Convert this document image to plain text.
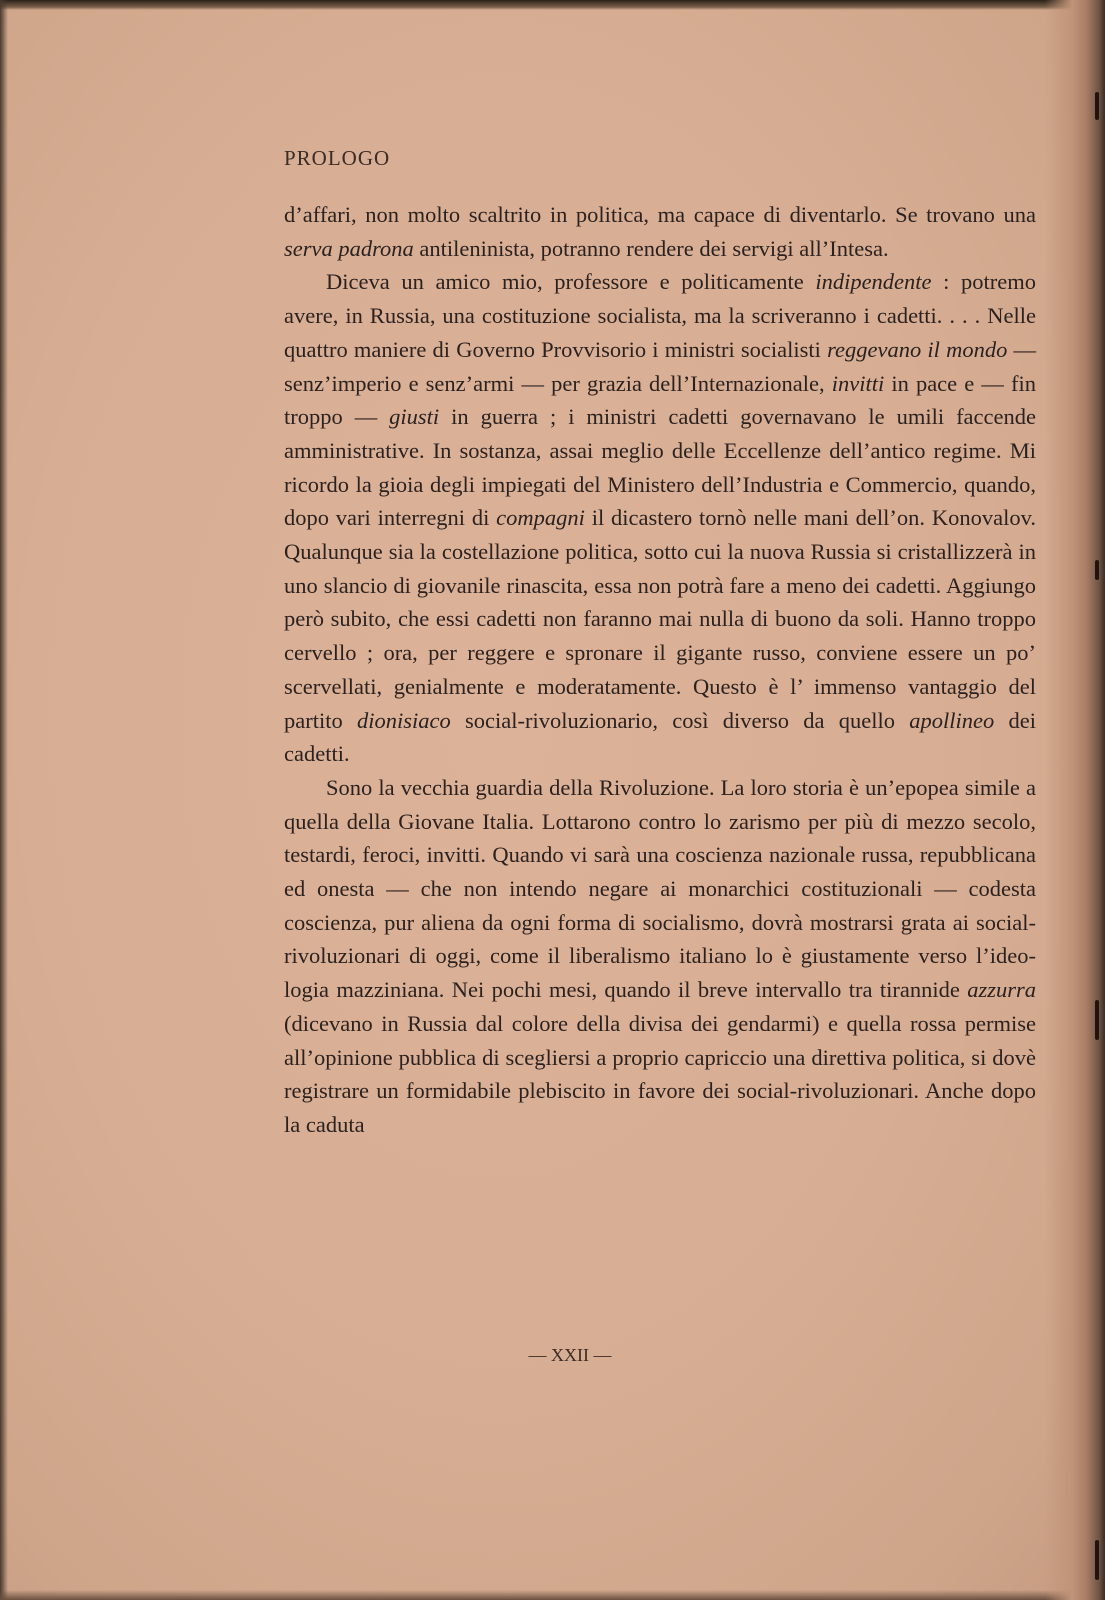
PROLOGO

d’affari, non molto scaltrito in politica, ma capace di diventarlo. Se trovano una serva padrona antileninista, potranno rendere dei servigi all’Intesa.

Diceva un amico mio, professore e politicamente indipendente : potremo avere, in Russia, una costituzione socialista, ma la scriveranno i cadetti. . . . Nelle quattro maniere di Governo Provvisorio i ministri socialisti reggevano il mondo — senz’imperio e senz’armi — per grazia dell’Internazionale, invitti in pace e — fin troppo — giusti in guerra ; i ministri cadetti governavano le umili faccende amministrative. In sostanza, assai meglio delle Eccellenze dell’antico regime. Mi ricordo la gioia degli impiegati del Ministero dell’Industria e Commercio, quando, dopo vari interregni di compagni il dicastero tornò nelle mani dell’on. Konovalov. Qualunque sia la costellazione politica, sotto cui la nuova Russia si cristallizzerà in uno slancio di giovanile rinascita, essa non potrà fare a meno dei cadetti. Aggiungo però subito, che essi cadetti non faranno mai nulla di buono da soli. Hanno troppo cervello ; ora, per reggere e spronare il gigante russo, conviene essere un po’ scervellati, genialmente e moderatamente. Questo è l’ immenso vantaggio del partito dionisiaco social-rivoluzionario, così diverso da quello apollineo dei cadetti.

Sono la vecchia guardia della Rivoluzione. La loro storia è un’epopea simile a quella della Giovane Italia. Lottarono contro lo zarismo per più di mezzo secolo, testardi, feroci, invitti. Quando vi sarà una coscienza nazionale russa, repubblicana ed onesta — che non intendo negare ai monarchici costituzionali — codesta coscienza, pur aliena da ogni forma di socialismo, dovrà mostrarsi grata ai social-rivoluzionari di oggi, come il liberalismo italiano lo è giustamente verso l’ideologia mazziniana. Nei pochi mesi, quando il breve intervallo tra tirannide azzurra (dicevano in Russia dal colore della divisa dei gendarmi) e quella rossa permise all’opinione pubblica di scegliersi a proprio capriccio una direttiva politica, si dovè registrare un formidabile plebiscito in favore dei social-rivoluzionari. Anche dopo la caduta

— XXII —
